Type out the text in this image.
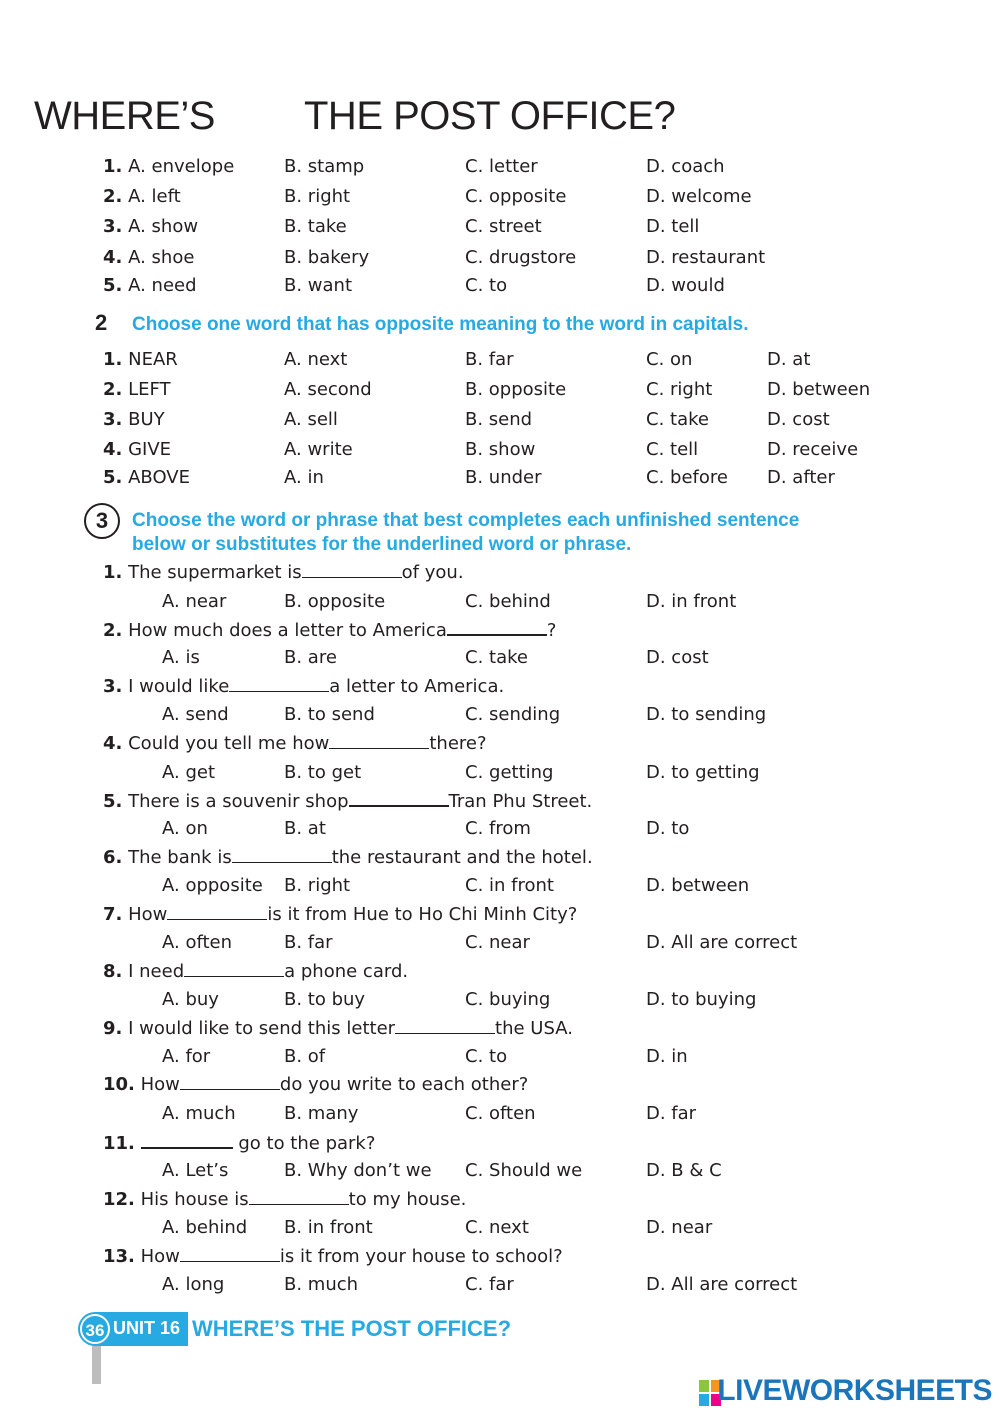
WHERE’S THE POST OFFICE?
1. A. envelope	B. stamp	C. letter	D. coach
2. A. left	B. right	C. opposite	D. welcome
3. A. show	B. take	C. street	D. tell
4. A. shoe	B. bakery	C. drugstore	D. restaurant
5. A. need	B. want	C. to	D. would
2 Choose one word that has opposite meaning to the word in capitals.
1. NEAR	A. next	B. far	C. on	D. at
2. LEFT	A. second	B. opposite	C. right	D. between
3. BUY	A. sell	B. send	C. take	D. cost
4. GIVE	A. write	B. show	C. tell	D. receive
5. ABOVE	A. in	B. under	C. before D. after
3	Choose the word or phrase that best completes each unfinished sentence
below or substitutes for the underlined word or phrase.
1. The supermarket is	of you.
A. near	B. opposite	C. behind	D. in front
2. How much does a letter to America	?
A. is	B. are	C. take	D. cost
3. I would like	a letter to America.
A. send	B. to send	C. sending	D. to sending
4. Could you tell me how	there?
A. get	B. to get	C. getting	D. to getting
5. There is a souvenir shop	Tran Phu Street.
A. on	B. at	C. from	D. to
6. The bank is	the restaurant and the hotel.
A. opposite B. right	C. in front	D. between
7. How	is it from Hue to Ho Chi Minh City?
A. often	B. far	C. near	D. All are correct
8. I need	a phone card.
A. buy	B. to buy	C. buying	D. to buying
9. I would like to send this letter	the USA.
A. for	B. of	C. to	D. in
10. How	do you write to each other?
A. much	B. many	C. often	D. far
11.	go to the park?
A. Let’s	B. Why don’t we C. Should we	D. B & C
12. His house is	to my house.
A. behind B. in front	C. next	D. near
13. How	is it from your house to school?
A. long	B. much	C. far	D. All are correct
36 UNIT 16 WHERE’S THE POST OFFICE?
LIVEWORKSHEETS
